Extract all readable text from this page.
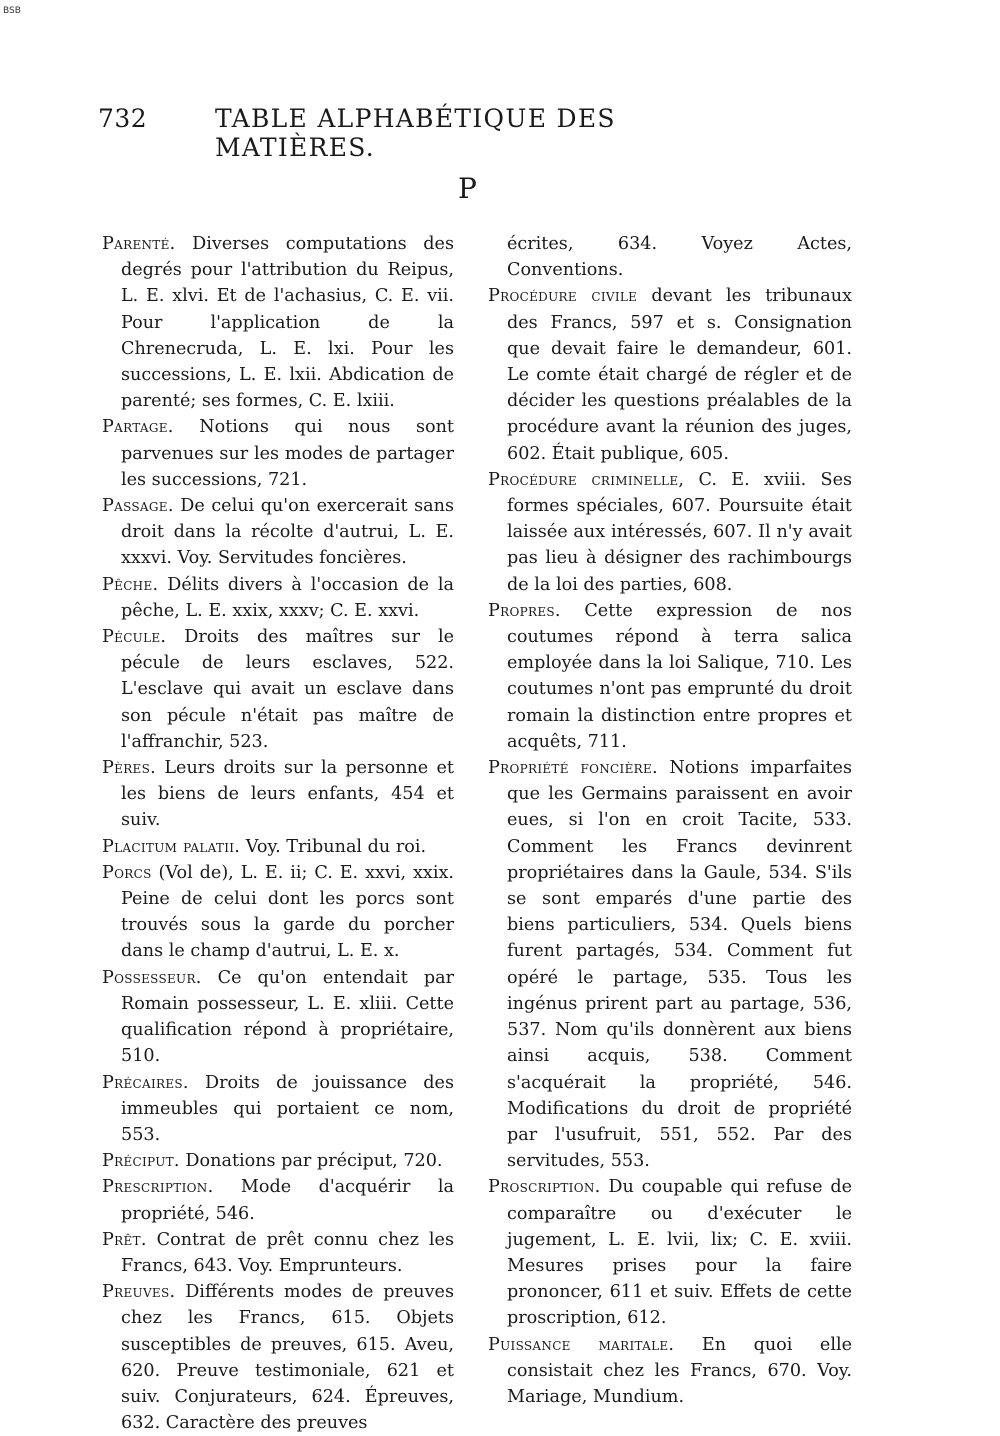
BSB
732	TABLE ALPHABÉTIQUE DES MATIÈRES.
P

Parenté. Diverses computations des degrés pour l'attribution du Reipus, L. E. xlvi. Et de l'achasius, C. E. vii. Pour l'application de la Chrenecruda, L. E. lxi. Pour les successions, L. E. lxii. Abdication de parenté; ses formes, C. E. lxiii.

Partage. Notions qui nous sont parvenues sur les modes de partager les successions, 721.

Passage. De celui qu'on exercerait sans droit dans la récolte d'autrui, L. E. xxxvi. Voy. Servitudes foncières.

Pêche. Délits divers à l'occasion de la pêche, L. E. xxix, xxxv; C. E. xxvi.

Pécule. Droits des maîtres sur le pécule de leurs esclaves, 522. L'esclave qui avait un esclave dans son pécule n'était pas maître de l'affranchir, 523.

Pères. Leurs droits sur la personne et les biens de leurs enfants, 454 et suiv.

Placitum palatii. Voy. Tribunal du roi.

Porcs (Vol de), L. E. ii; C. E. xxvi, xxix. Peine de celui dont les porcs sont trouvés sous la garde du porcher dans le champ d'autrui, L. E. x.

Possesseur. Ce qu'on entendait par Romain possesseur, L. E. xliii. Cette qualification répond à propriétaire, 510.

Précaires. Droits de jouissance des immeubles qui portaient ce nom, 553.

Préciput. Donations par préciput, 720.

Prescription. Mode d'acquérir la propriété, 546.

Prêt. Contrat de prêt connu chez les Francs, 643. Voy. Emprunteurs.

Preuves. Différents modes de preuves chez les Francs, 615. Objets susceptibles de preuves, 615. Aveu, 620. Preuve testimoniale, 621 et suiv. Conjurateurs, 624. Épreuves, 632. Caractère des preuves

écrites, 634. Voyez Actes, Conventions.

Procédure civile devant les tribunaux des Francs, 597 et s. Consignation que devait faire le demandeur, 601. Le comte était chargé de régler et de décider les questions préalables de la procédure avant la réunion des juges, 602. Était publique, 605.

Procédure criminelle, C. E. xviii. Ses formes spéciales, 607. Poursuite était laissée aux intéressés, 607. Il n'y avait pas lieu à désigner des rachimbourgs de la loi des parties, 608.

Propres. Cette expression de nos coutumes répond à terra salica employée dans la loi Salique, 710. Les coutumes n'ont pas emprunté du droit romain la distinction entre propres et acquêts, 711.

Propriété foncière. Notions imparfaites que les Germains paraissent en avoir eues, si l'on en croit Tacite, 533. Comment les Francs devinrent propriétaires dans la Gaule, 534. S'ils se sont emparés d'une partie des biens particuliers, 534. Quels biens furent partagés, 534. Comment fut opéré le partage, 535. Tous les ingénus prirent part au partage, 536, 537. Nom qu'ils donnèrent aux biens ainsi acquis, 538. Comment s'acquérait la propriété, 546. Modifications du droit de propriété par l'usufruit, 551, 552. Par des servitudes, 553.

Proscription. Du coupable qui refuse de comparaître ou d'exécuter le jugement, L. E. lvii, lix; C. E. xviii. Mesures prises pour la faire prononcer, 611 et suiv. Effets de cette proscription, 612.

Puissance maritale. En quoi elle consistait chez les Francs, 670. Voy. Mariage, Mundium.
